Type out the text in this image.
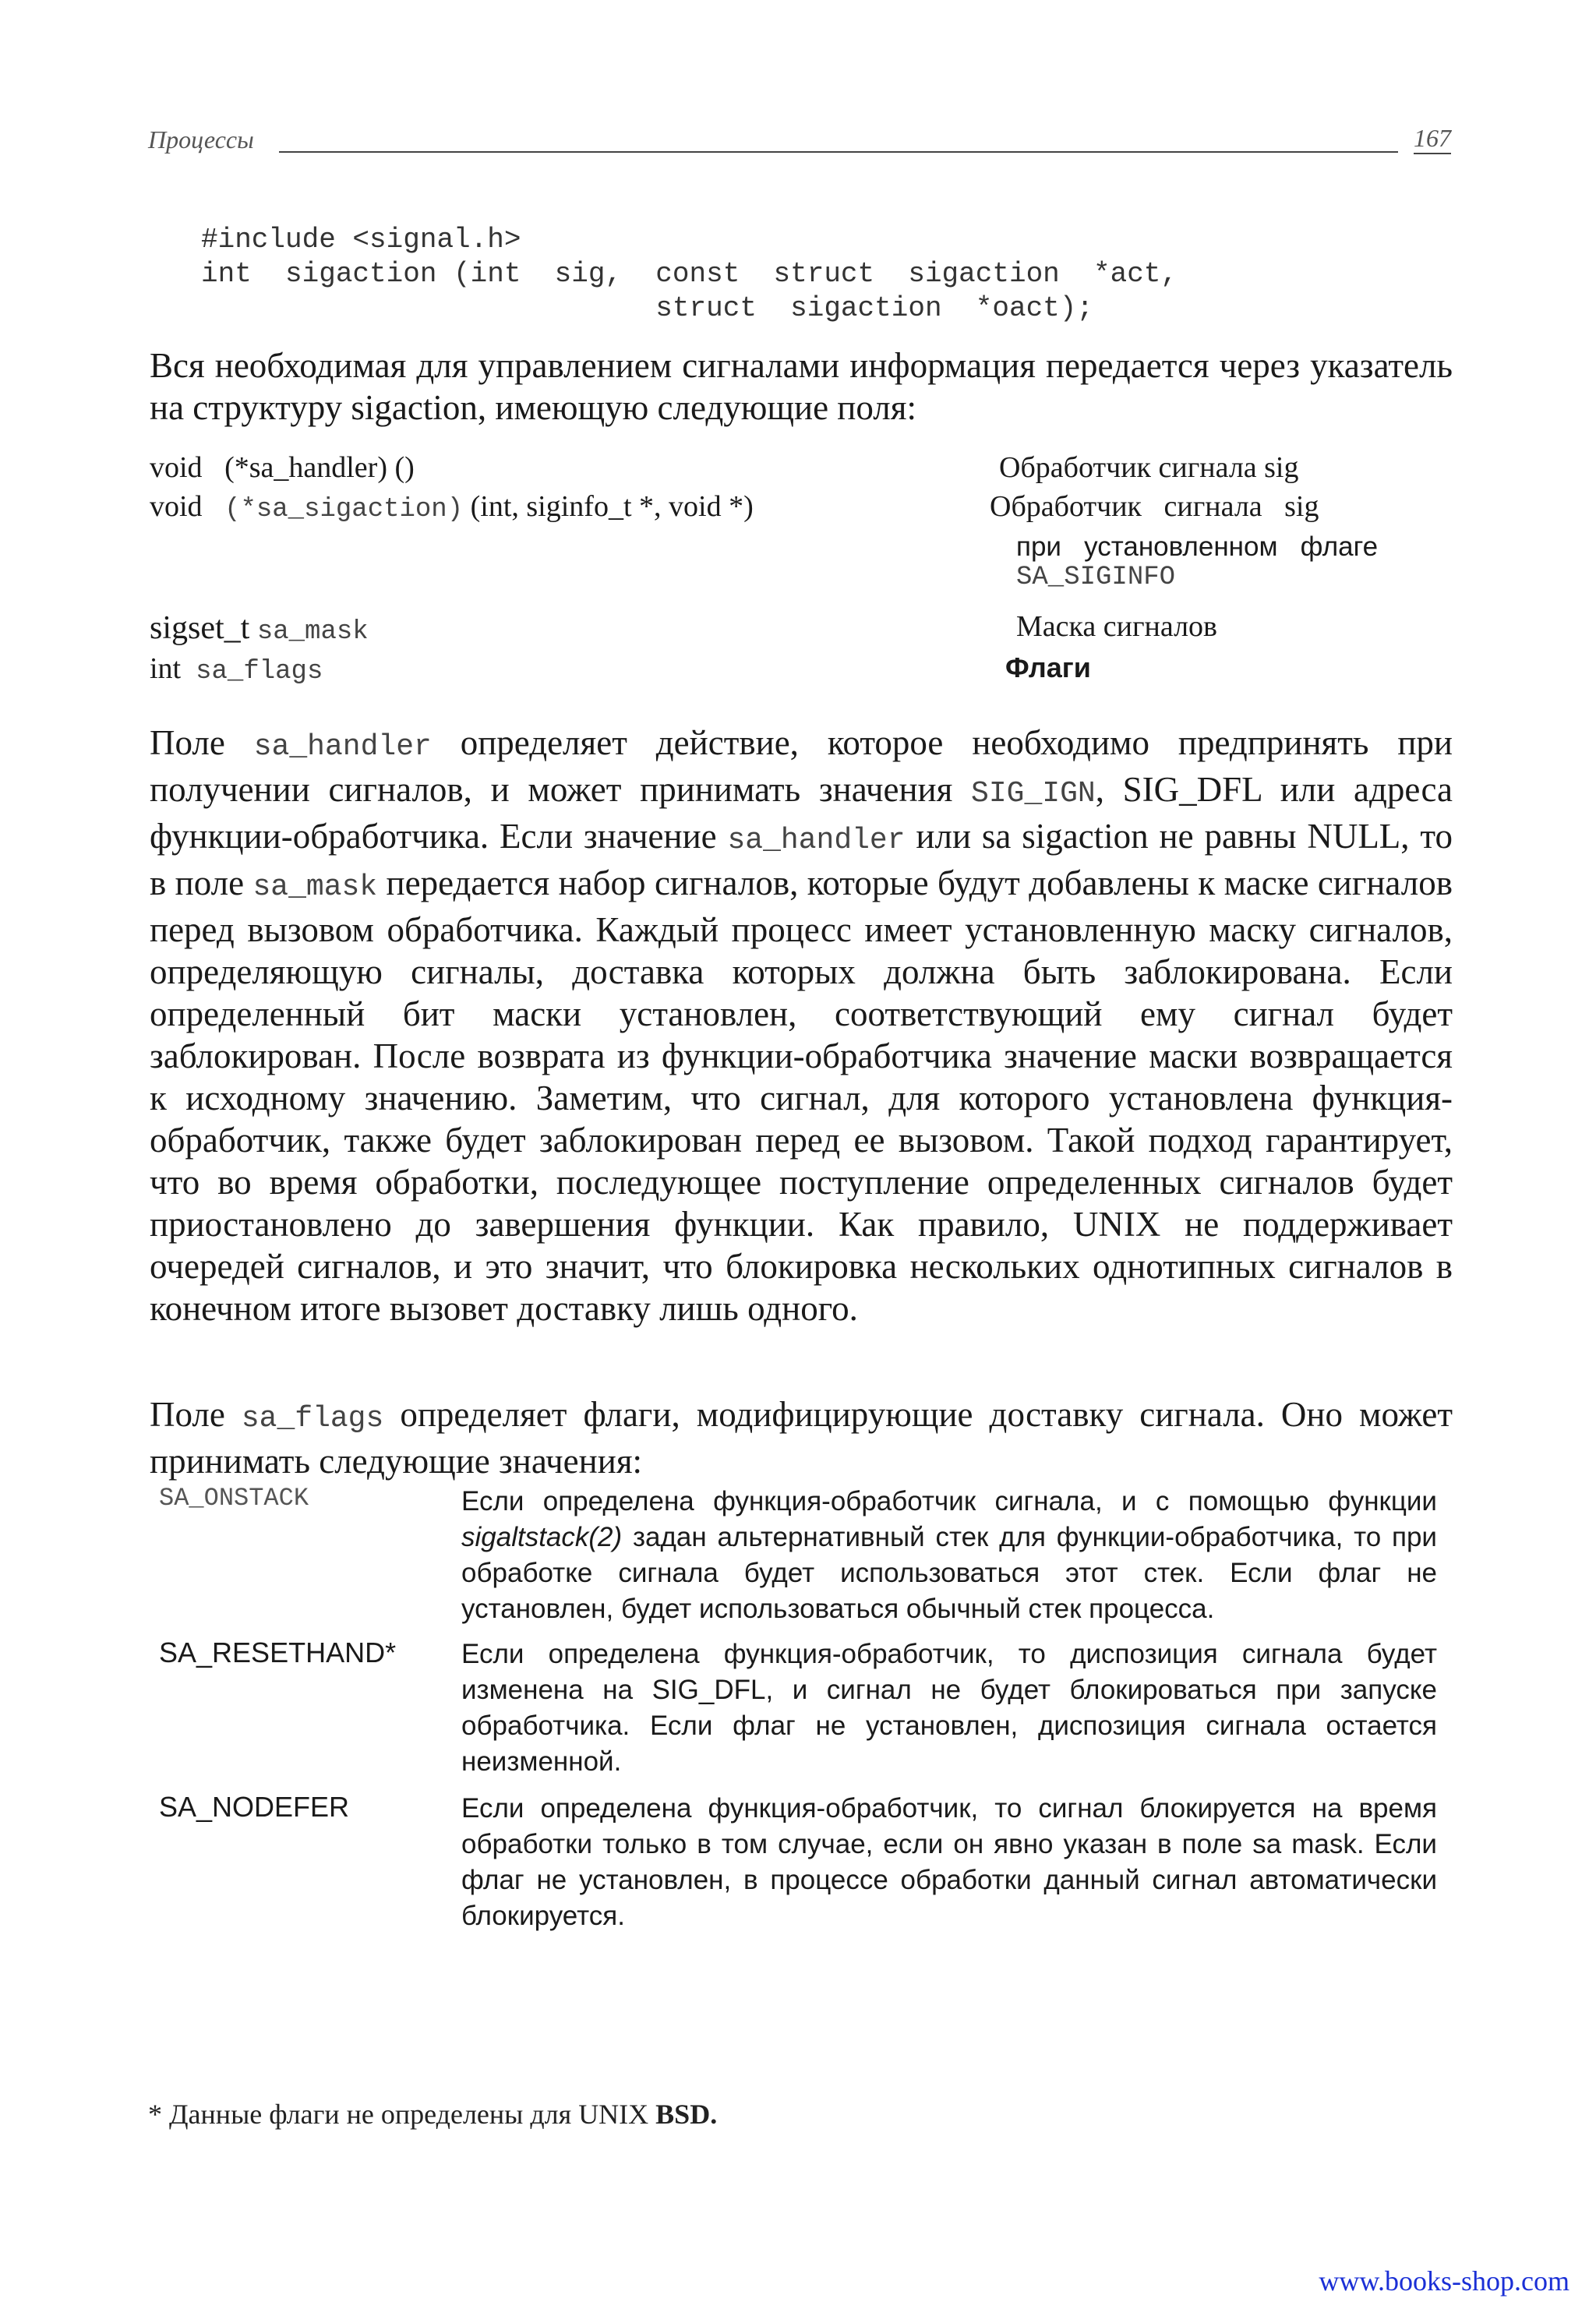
Процессы	167
#include <signal.h>
int  sigaction (int  sig,  const  struct  sigaction  *act,
struct  sigaction  *oact);

Вся необходимая для управлением сигналами информация передается через указатель на структуру sigaction, имеющую следующие поля:

void (*sa_handler) ()	Обработчик сигнала sig
void (*sa_sigaction) (int, siginfo_t *, void *)	Обработчик   сигнала   sig
при   установленном   флаге
SA_SIGINFO
sigset_t sa_mask	Маска сигналов
int sa_flags	Флаги

Поле sa_handler определяет действие, которое необходимо предпринять при получении сигналов, и может принимать значения SIG_IGN, SIG_DFL или адреса функции-обработчика. Если значение sa_handler или sa sigaction не равны NULL, то в поле sa_mask передается набор сигналов, которые будут добавлены к маске сигналов перед вызовом обработчика. Каждый процесс имеет установленную маску сигналов, определяющую сигналы, доставка которых должна быть заблокирована. Если определенный бит маски установлен, соответствующий ему сигнал будет заблокирован. После возврата из функции-обработчика значение маски возвращается к исходному значению. Заметим, что сигнал, для которого установлена функция-обработчик, также будет заблокирован перед ее вызовом. Такой подход гарантирует, что во время обработки, последующее поступление определенных сигналов будет приостановлено до завершения функции. Как правило, UNIX не поддерживает очередей сигналов, и это значит, что блокировка нескольких однотипных сигналов в конечном итоге вызовет доставку лишь одного.

Поле sa_flags определяет флаги, модифицирующие доставку сигнала. Оно может принимать следующие значения:

SA_ONSTACK	Если определена функция-обработчик сигнала, и с помощью функции sigaltstack(2) задан альтернативный стек для функции-обработчика, то при обработке сигнала будет использоваться этот стек. Если флаг не установлен, будет использоваться обычный стек процесса.
SA_RESETHAND* Если определена функция-обработчик, то диспозиция сигнала будет изменена на SIG_DFL, и сигнал не будет блокироваться при запуске обработчика. Если флаг не установлен, диспозиция сигнала остается неизменной.
SA_NODEFER	Если определена функция-обработчик, то сигнал блокируется на время обработки только в том случае, если он явно указан в поле sa mask. Если флаг не установлен, в процессе обработки данный сигнал автоматически блокируется.
* Данные флаги не определены для UNIX BSD.
www.books-shop.com
